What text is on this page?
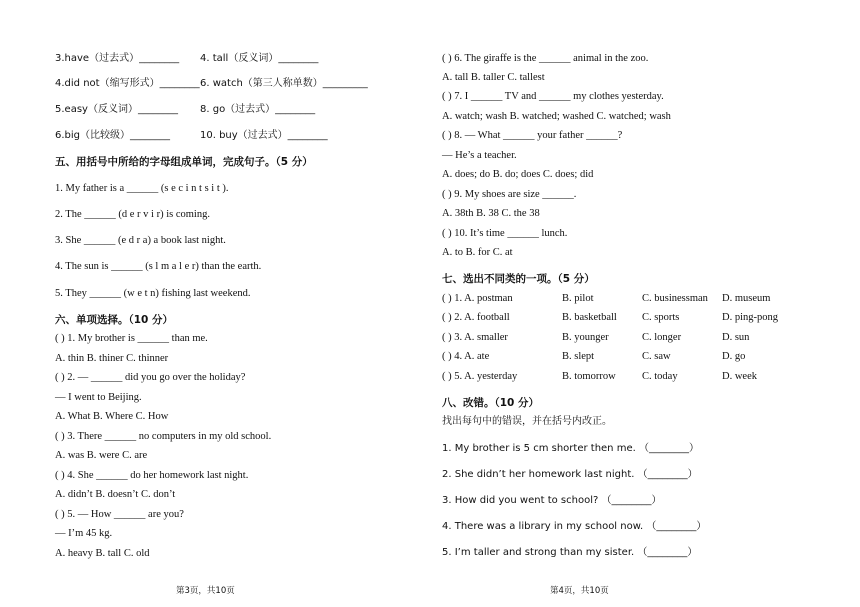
3.have（过去式）________ 4. tall（反义词）________
4.did not（缩写形式）________ 6. watch（第三人称单数）_________
5.easy（反义词）________ 8. go（过去式）________
6.big（比较级）________	10. buy（过去式）________
五、用括号中所给的字母组成单词，完成句子。（5 分）
1. My father is a ______ (s e c i n t s i t ).
2. The ______ (d e r v i r) is coming.
3. She ______ (e d r a) a book last night.
4. The sun is ______ (s l m a l e r) than the earth.
5. They ______ (w e t n) fishing last weekend.
六、单项选择。（10 分）
( ) 1. My brother is ______ than me.
A. thin B. thiner C. thinner
( ) 2. — ______ did you go over the holiday?
— I went to Beijing.
A. What B. Where C. How
( ) 3. There ______ no computers in my old school.
A. was B. were C. are
( ) 4. She ______ do her homework last night.
A. didn’t B. doesn’t C. don’t
( ) 5. — How ______ are you?
— I’m 45 kg.
A. heavy B. tall C. old
第3页，共10页
( ) 6. The giraffe is the ______ animal in the zoo.
A. tall B. taller C. tallest
( ) 7. I ______ TV and ______ my clothes yesterday.
A. watch; wash B. watched; washed C. watched; wash
( ) 8. — What ______ your father ______?
— He’s a teacher.
A. does; do B. do; does C. does; did
( ) 9. My shoes are size ______.
A. 38th B. 38 C. the 38
( ) 10. It’s time ______ lunch.
A. to B. for C. at
七、选出不同类的一项。（5 分）
( ) 1. A. postman	B. pilot	C. businessman D. museum
( ) 2. A. football	B. basketball C. sports	D. ping-pong
( ) 3. A. smaller	B. younger	C. longer	D. sun
( ) 4. A. ate	B. slept	C. saw	D. go
( ) 5. A. yesterday	B. tomorrow	C. today	D. week
八、改错。（10 分）
找出每句中的错误，并在括号内改正。
1. My brother is 5 cm shorter then me. （________）
2. She didn’t her homework last night. （________）
3. How did you went to school? （________）
4. There was a library in my school now. （________）
5. I’m taller and strong than my sister. （________）
第4页，共10页
